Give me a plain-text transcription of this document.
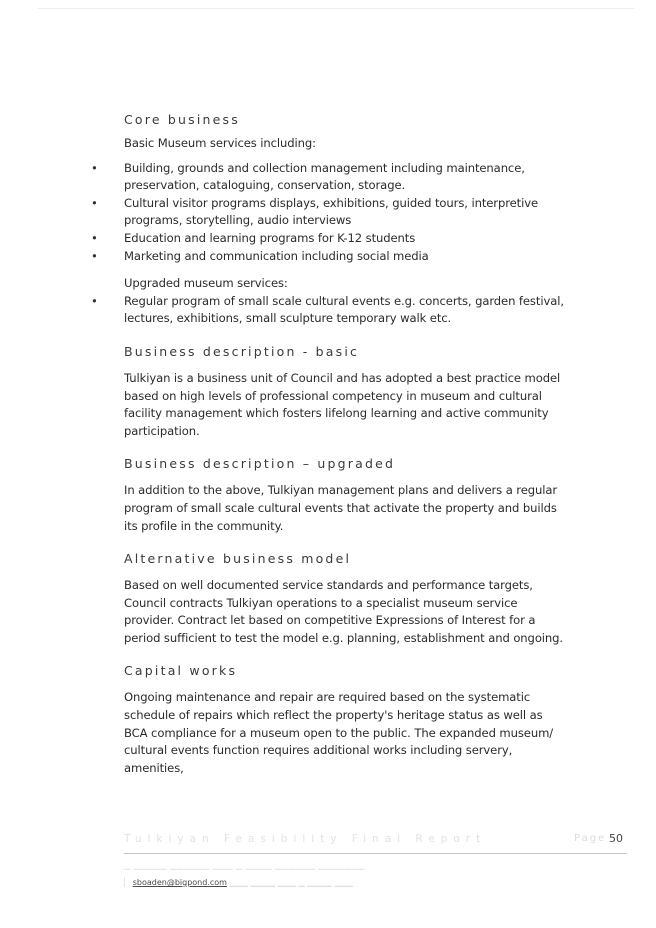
Core business

Basic Museum services including:

• Building, grounds and collection management including maintenance, preservation, cataloguing, conservation, storage.
• Cultural visitor programs displays, exhibitions, guided tours, interpretive programs, storytelling, audio interviews
• Education and learning programs for K-12 students
• Marketing and communication including social media

Upgraded museum services:

• Regular program of small scale cultural events e.g. concerts, garden festival, lectures, exhibitions, small sculpture temporary walk etc.
Business description - basic

Tulkiyan is a business unit of Council and has adopted a best practice model based on high levels of professional competency in museum and cultural facility management which fosters lifelong learning and active community participation.

Business description – upgraded

In addition to the above, Tulkiyan management plans and delivers a regular program of small scale cultural events that activate the property and builds its profile in the community.

Alternative business model

Based on well documented service standards and performance targets, Council contracts Tulkiyan operations to a specialist museum service provider. Contract let based on competitive Expressions of Interest for a period sufficient to test the model e.g. planning, establishment and ongoing.

Capital works

Ongoing maintenance and repair are required based on the systematic schedule of repairs which reflect the property's heritage status as well as BCA compliance for a museum open to the public. The expanded museum/ cultural events function requires additional works including servery, amenities,

Tulkiyan Feasibility Final Report	Page 50
▁ ▁▁▁▁▁ ▁▁▁▁▁▁ ▁▁▁ ▁ ▁▁▁▁ ▁▁▁▁▁▁ ▁▁▁▁▁▁▁
▏ sboaden@bigpond.com ▁▁▁ ▁▁▁▁ ▁▁▁ ▁ ▁▁▁▁ ▁▁▁
